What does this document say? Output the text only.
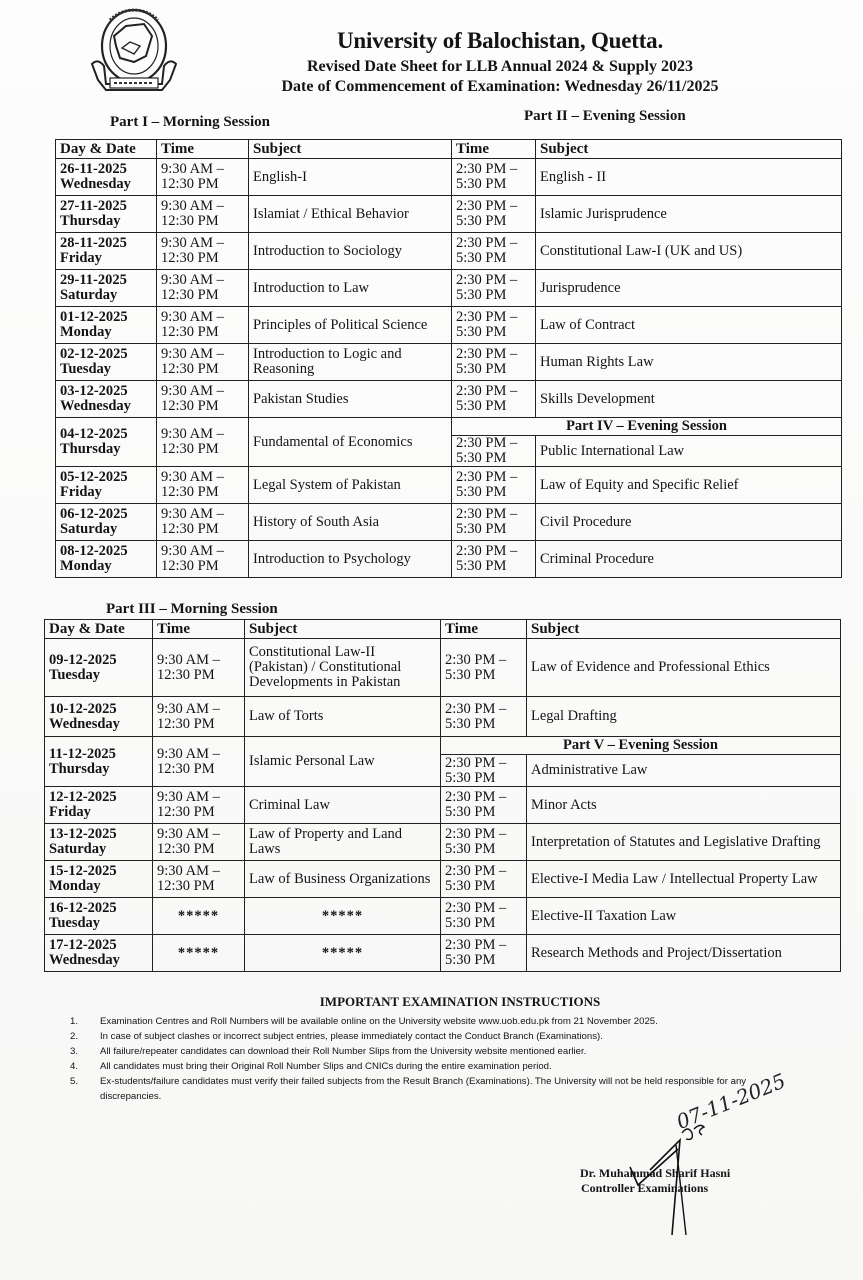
University of Balochistan, Quetta.
Revised Date Sheet for LLB Annual 2024 & Supply 2023
Date of Commencement of Examination: Wednesday 26/11/2025
Part I – Morning Session	Part II – Evening Session
Day & Date	Time	Subject	Time	Subject

26-11-2025
Wednesday	9:30 AM –
12:30 PM	English-I	2:30 PM –
5:30 PM	English - II

27-11-2025
Thursday	9:30 AM –
12:30 PM	Islamiat / Ethical Behavior	2:30 PM –
5:30 PM	Islamic Jurisprudence

28-11-2025
Friday	9:30 AM –
12:30 PM	Introduction to Sociology	2:30 PM –
5:30 PM	Constitutional Law-I (UK and US)

29-11-2025
Saturday	9:30 AM –
12:30 PM	Introduction to Law	2:30 PM –
5:30 PM	Jurisprudence

01-12-2025
Monday	9:30 AM –
12:30 PM	Principles of Political Science	2:30 PM –
5:30 PM	Law of Contract

02-12-2025
Tuesday	9:30 AM –
12:30 PM	Introduction to Logic and Reasoning	2:30 PM –
5:30 PM	Human Rights Law

03-12-2025
Wednesday	9:30 AM –
12:30 PM	Pakistan Studies	2:30 PM –
5:30 PM	Skills Development

04-12-2025
Thursday	9:30 AM –
12:30 PM	Fundamental of Economics	Part IV – Evening Session	

			2:30 PM –
5:30 PM	Public International Law

05-12-2025
Friday	9:30 AM –
12:30 PM	Legal System of Pakistan	2:30 PM –
5:30 PM	Law of Equity and Specific Relief

06-12-2025
Saturday	9:30 AM –
12:30 PM	History of South Asia	2:30 PM –
5:30 PM	Civil Procedure

08-12-2025
Monday	9:30 AM –
12:30 PM	Introduction to Psychology	2:30 PM –
5:30 PM	Criminal Procedure
Part III – Morning Session
Day & Date	Time	Subject	Time	Subject

09-12-2025
Tuesday	9:30 AM –
12:30 PM	Constitutional Law-II (Pakistan) / Constitutional Developments in Pakistan	2:30 PM –
5:30 PM	Law of Evidence and Professional Ethics

10-12-2025
Wednesday	9:30 AM –
12:30 PM	Law of Torts	2:30 PM –
5:30 PM	Legal Drafting

11-12-2025
Thursday	9:30 AM –
12:30 PM	Islamic Personal Law	Part V – Evening Session	

			2:30 PM –
5:30 PM	Administrative Law

12-12-2025
Friday	9:30 AM –
12:30 PM	Criminal Law	2:30 PM –
5:30 PM	Minor Acts

13-12-2025
Saturday	9:30 AM –
12:30 PM	Law of Property and Land Laws	2:30 PM –
5:30 PM	Interpretation of Statutes and Legislative Drafting

15-12-2025
Monday	9:30 AM –
12:30 PM	Law of Business Organizations	2:30 PM –
5:30 PM	Elective-I Media Law / Intellectual Property Law

16-12-2025
Tuesday	*****	*****	2:30 PM –
5:30 PM	Elective-II Taxation Law

17-12-2025
Wednesday	*****	*****	2:30 PM –
5:30 PM	Research Methods and Project/Dissertation
IMPORTANT EXAMINATION INSTRUCTIONS
1. Examination Centres and Roll Numbers will be available online on the University website www.uob.edu.pk from 21 November 2025.
2. In case of subject clashes or incorrect subject entries, please immediately contact the Conduct Branch (Examinations).
3. All failure/repeater candidates can download their Roll Number Slips from the University website mentioned earlier.
4. All candidates must bring their Original Roll Number Slips and CNICs during the entire examination period.
5. Ex-students/failure candidates must verify their failed subjects from the Result Branch (Examinations). The University will not be held responsible for any discrepancies.	07-11-2025
Dr. Muhammad Sharif Hasni
Controller Examinations
